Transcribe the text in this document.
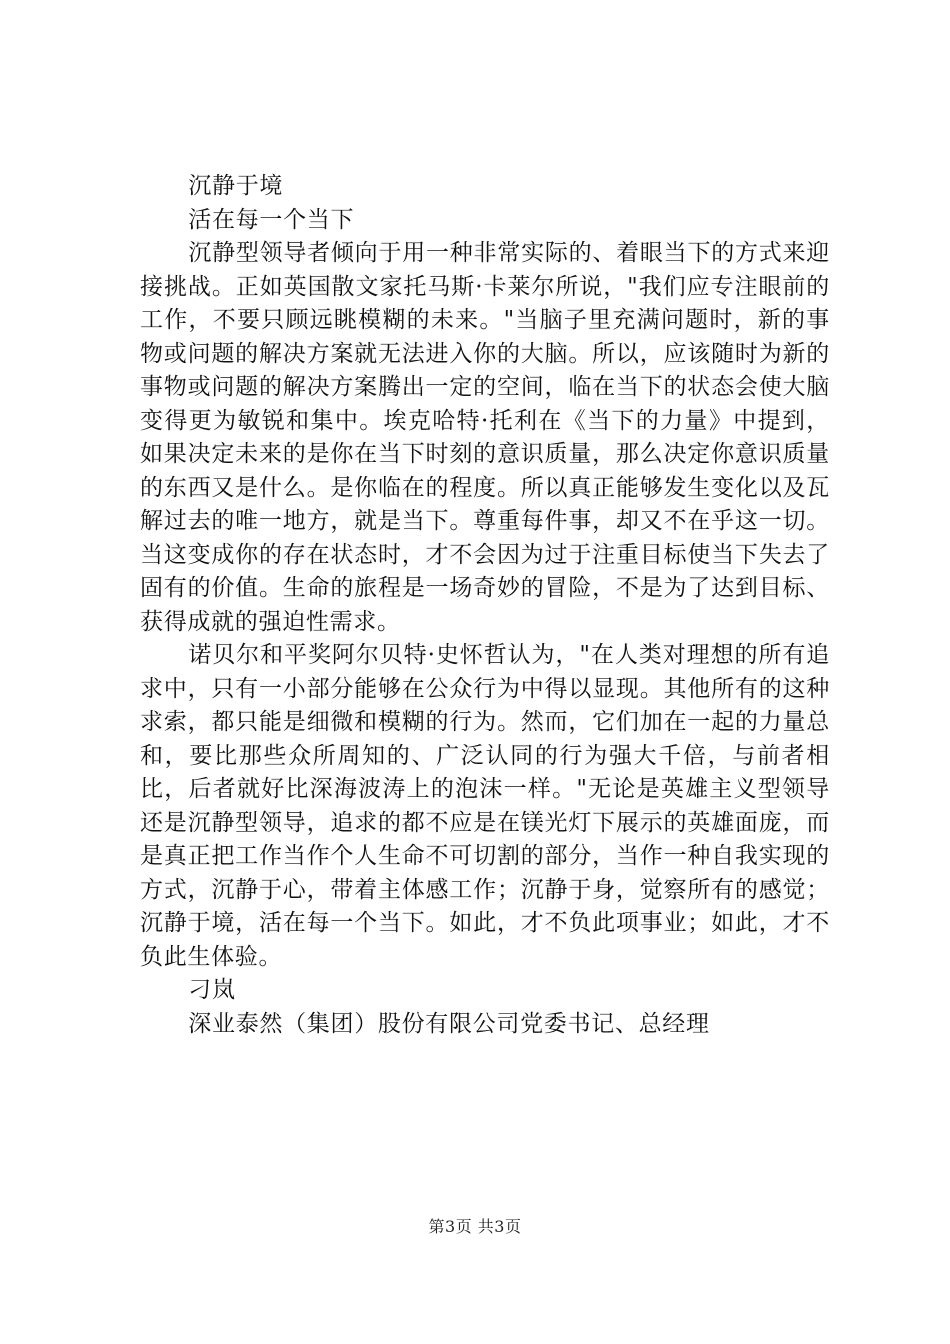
沉静于境

活在每一个当下

沉静型领导者倾向于用一种非常实际的、着眼当下的方式来迎接挑战。正如英国散文家托马斯·卡莱尔所说，"我们应专注眼前的工作，不要只顾远眺模糊的未来。"当脑子里充满问题时，新的事物或问题的解决方案就无法进入你的大脑。所以，应该随时为新的事物或问题的解决方案腾出一定的空间，临在当下的状态会使大脑变得更为敏锐和集中。埃克哈特·托利在《当下的力量》中提到，如果决定未来的是你在当下时刻的意识质量，那么决定你意识质量的东西又是什么。是你临在的程度。所以真正能够发生变化以及瓦解过去的唯一地方，就是当下。尊重每件事，却又不在乎这一切。当这变成你的存在状态时，才不会因为过于注重目标使当下失去了固有的价值。生命的旅程是一场奇妙的冒险，不是为了达到目标、获得成就的强迫性需求。

诺贝尔和平奖阿尔贝特·史怀哲认为，"在人类对理想的所有追求中，只有一小部分能够在公众行为中得以显现。其他所有的这种求索，都只能是细微和模糊的行为。然而，它们加在一起的力量总和，要比那些众所周知的、广泛认同的行为强大千倍，与前者相比，后者就好比深海波涛上的泡沫一样。"无论是英雄主义型领导还是沉静型领导，追求的都不应是在镁光灯下展示的英雄面庞，而是真正把工作当作个人生命不可切割的部分，当作一种自我实现的方式，沉静于心，带着主体感工作；沉静于身，觉察所有的感觉；沉静于境，活在每一个当下。如此，才不负此项事业；如此，才不负此生体验。

刁岚

深业泰然（集团）股份有限公司党委书记、总经理

第3页 共3页
